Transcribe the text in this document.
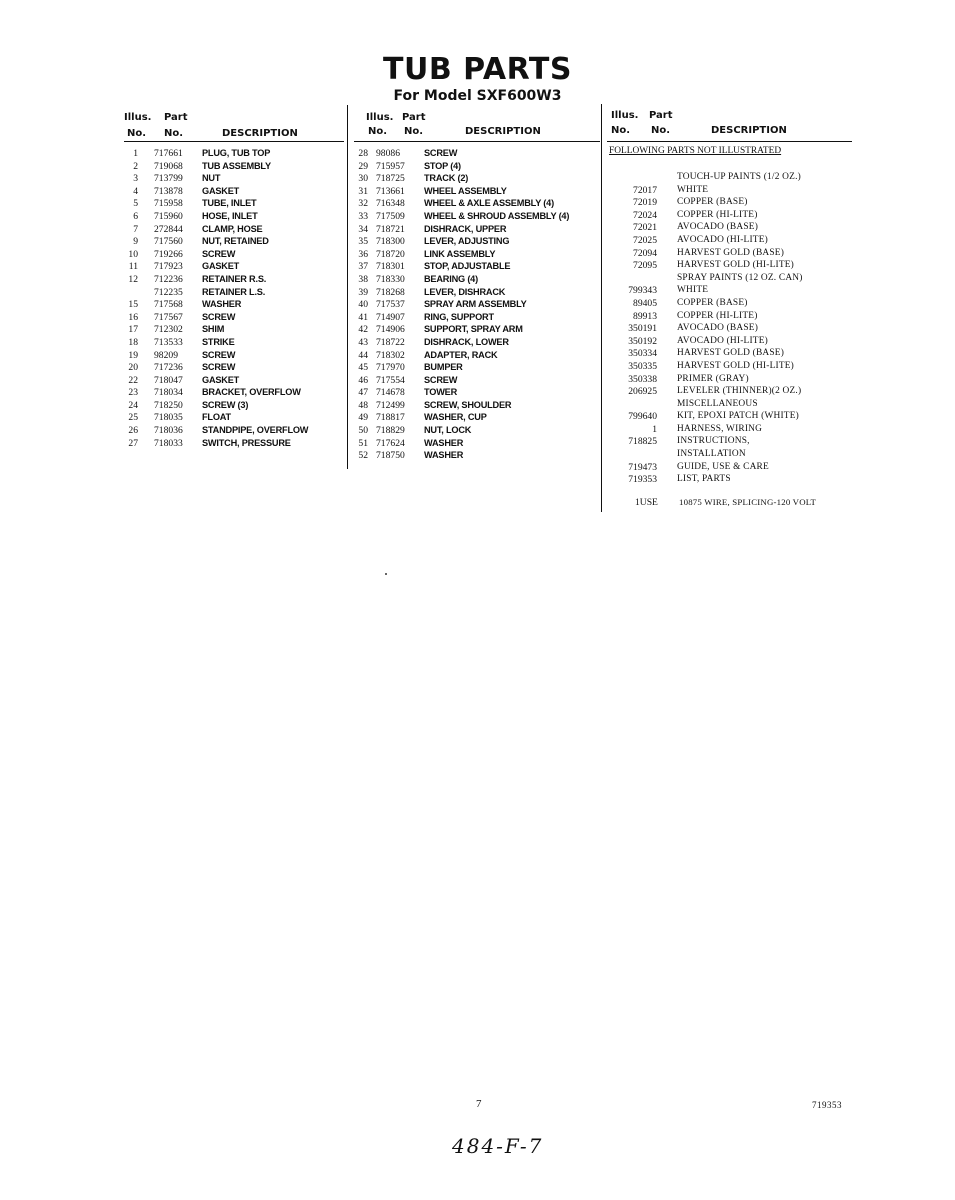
TUB PARTS
For Model SXF600W3
Illus. Part
No. No.	DESCRIPTION
1 717661 PLUG, TUB TOP
2 719068 TUB ASSEMBLY
3 713799 NUT
4 713878 GASKET
5 715958 TUBE, INLET
6 715960 HOSE, INLET
7 272844 CLAMP, HOSE
9 717560 NUT, RETAINED
10 719266 SCREW
11 717923 GASKET
12 712236 RETAINER R.S.
712235 RETAINER L.S.
15 717568 WASHER
16 717567 SCREW
17 712302 SHIM
18 713533 STRIKE
19 98209	SCREW
20 717236 SCREW
22 718047 GASKET
23 718034 BRACKET, OVERFLOW
24 718250 SCREW (3)
25 718035 FLOAT
26 718036 STANDPIPE, OVERFLOW
27 718033 SWITCH, PRESSURE
Illus. Part
No. No.	DESCRIPTION
28 98086	SCREW
29 715957 STOP (4)
30 718725 TRACK (2)
31 713661 WHEEL ASSEMBLY
32 716348 WHEEL & AXLE ASSEMBLY (4)
33 717509 WHEEL & SHROUD ASSEMBLY (4)
34 718721 DISHRACK, UPPER
35 718300 LEVER, ADJUSTING
36 718720 LINK ASSEMBLY
37 718301 STOP, ADJUSTABLE
38 718330 BEARING (4)
39 718268 LEVER, DISHRACK
40 717537 SPRAY ARM ASSEMBLY
41 714907 RING, SUPPORT
42 714906 SUPPORT, SPRAY ARM
43 718722 DISHRACK, LOWER
44 718302 ADAPTER, RACK
45 717970 BUMPER
46 717554 SCREW
47 714678 TOWER
48 712499 SCREW, SHOULDER
49 718817 WASHER, CUP
50 718829 NUT, LOCK
51 717624 WASHER
52 718750 WASHER
Illus. Part
No. No.	DESCRIPTION
FOLLOWING PARTS NOT ILLUSTRATED
TOUCH-UP PAINTS (1/2 OZ.)
72017 WHITE
72019 COPPER (BASE)
72024 COPPER (HI-LITE)
72021 AVOCADO (BASE)
72025 AVOCADO (HI-LITE)
72094 HARVEST GOLD (BASE)
72095 HARVEST GOLD (HI-LITE)
SPRAY PAINTS (12 OZ. CAN)
799343 WHITE
89405 COPPER (BASE)
89913 COPPER (HI-LITE)
350191 AVOCADO (BASE)
350192 AVOCADO (HI-LITE)
350334 HARVEST GOLD (BASE)
350335 HARVEST GOLD (HI-LITE)
350338 PRIMER (GRAY)
206925 LEVELER (THINNER)(2 OZ.)
MISCELLANEOUS
799640 KIT, EPOXI PATCH (WHITE)
1 HARNESS, WIRING
718825 INSTRUCTIONS,
INSTALLATION
719473 GUIDE, USE & CARE
719353 LIST, PARTS
1USE 10875 WIRE, SPLICING-120 VOLT
7	719353
484-F-7
